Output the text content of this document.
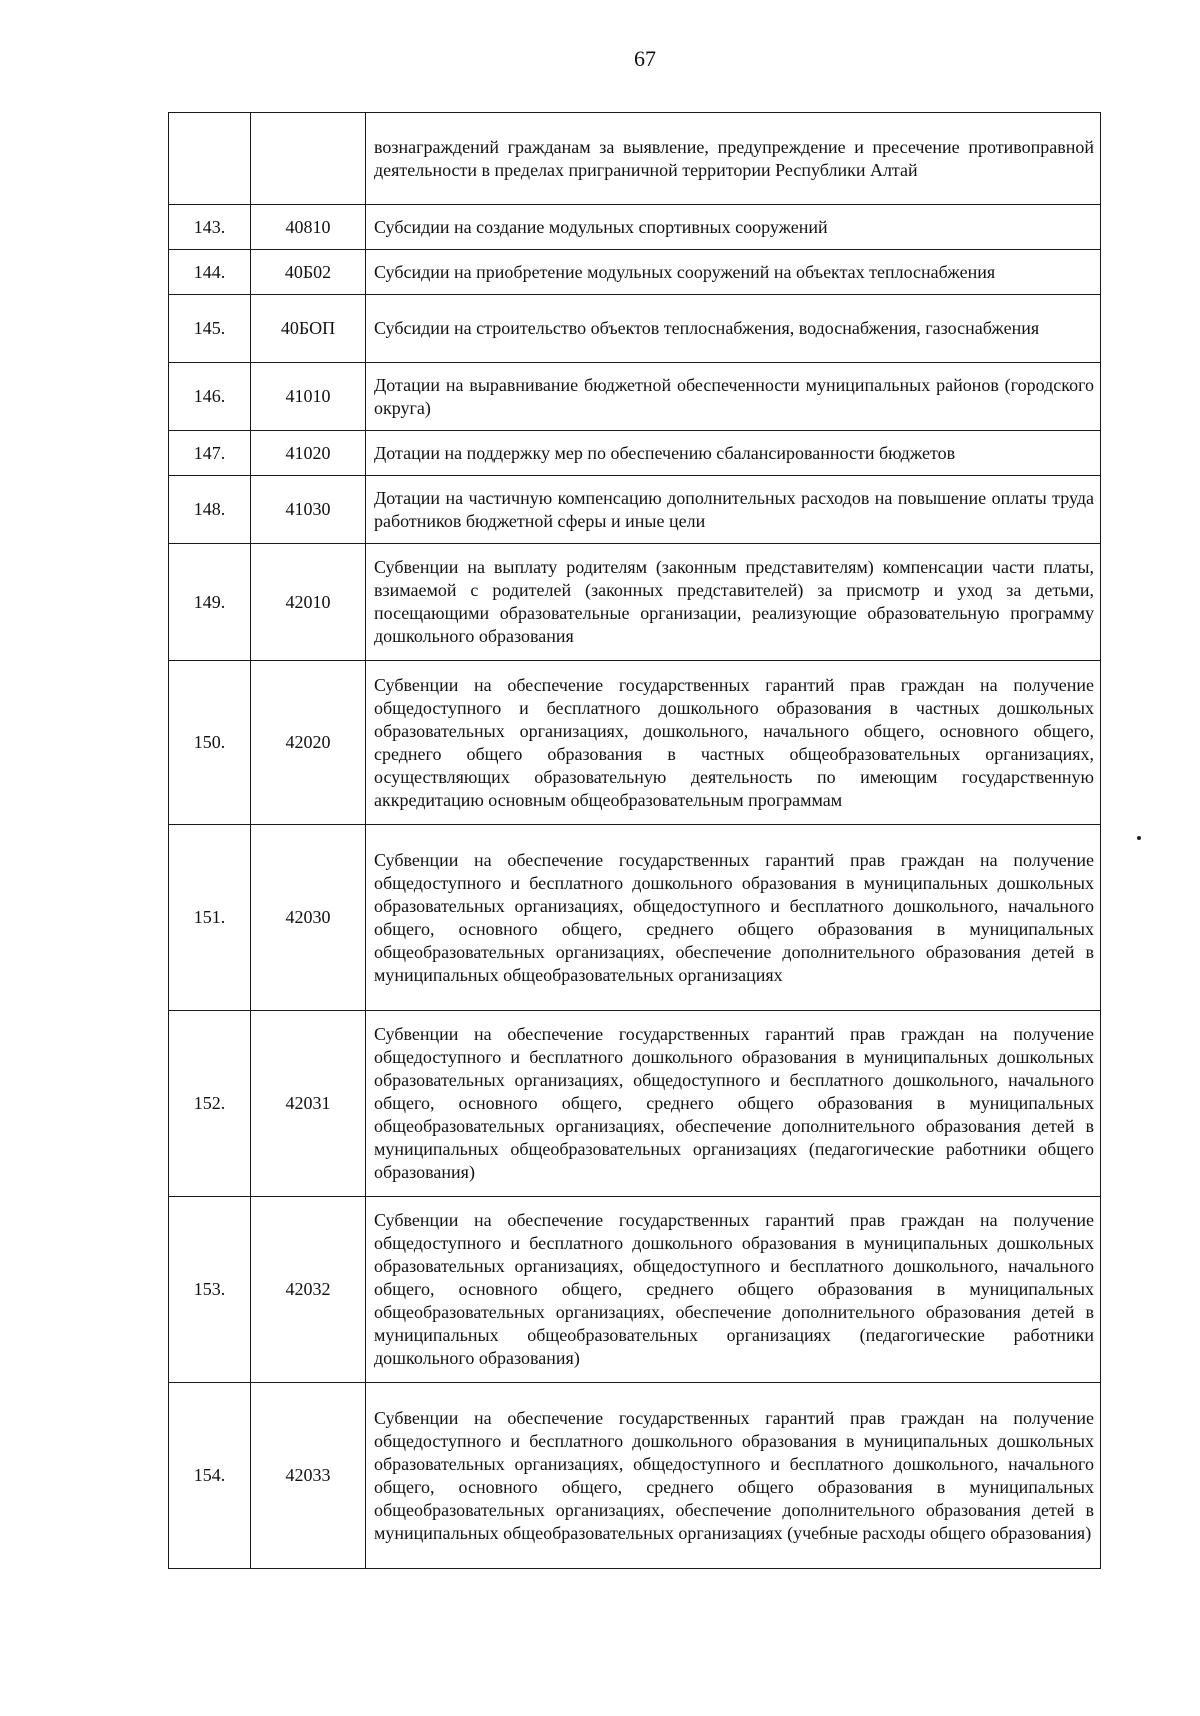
67
		вознаграждений гражданам за выявление, предупреждение и пресечение противоправной деятельности в пределах приграничной территории Республики Алтай
143.	40810	Субсидии на создание модульных спортивных сооружений
144.	40Б02	Субсидии на приобретение модульных сооружений на объектах теплоснабжения
145.	40БОП	Субсидии на строительство объектов теплоснабжения, водоснабжения, газоснабжения
146.	41010	Дотации на выравнивание бюджетной обеспеченности муниципальных районов (городского округа)
147.	41020	Дотации на поддержку мер по обеспечению сбалансированности бюджетов
148.	41030	Дотации на частичную компенсацию дополнительных расходов на повышение оплаты труда работников бюджетной сферы и иные цели
149.	42010	Субвенции на выплату родителям (законным представителям) компенсации части платы, взимаемой с родителей (законных представителей) за присмотр и уход за детьми, посещающими образовательные организации, реализующие образовательную программу дошкольного образования
150.	42020	Субвенции на обеспечение государственных гарантий прав граждан на получение общедоступного и бесплатного дошкольного образования в частных дошкольных образовательных организациях, дошкольного, начального общего, основного общего, среднего общего образования в частных общеобразовательных организациях, осуществляющих образовательную деятельность по имеющим государственную аккредитацию основным общеобразовательным программам
151.	42030	Субвенции на обеспечение государственных гарантий прав граждан на получение общедоступного и бесплатного дошкольного образования в муниципальных дошкольных образовательных организациях, общедоступного и бесплатного дошкольного, начального общего, основного общего, среднего общего образования в муниципальных общеобразовательных организациях, обеспечение дополнительного образования детей в муниципальных общеобразовательных организациях
152.	42031	Субвенции на обеспечение государственных гарантий прав граждан на получение общедоступного и бесплатного дошкольного образования в муниципальных дошкольных образовательных организациях, общедоступного и бесплатного дошкольного, начального общего, основного общего, среднего общего образования в муниципальных общеобразовательных организациях, обеспечение дополнительного образования детей в муниципальных общеобразовательных организациях (педагогические работники общего образования)
153.	42032	Субвенции на обеспечение государственных гарантий прав граждан на получение общедоступного и бесплатного дошкольного образования в муниципальных дошкольных образовательных организациях, общедоступного и бесплатного дошкольного, начального общего, основного общего, среднего общего образования в муниципальных общеобразовательных организациях, обеспечение дополнительного образования детей в муниципальных общеобразовательных организациях (педагогические работники дошкольного образования)
154.	42033	Субвенции на обеспечение государственных гарантий прав граждан на получение общедоступного и бесплатного дошкольного образования в муниципальных дошкольных образовательных организациях, общедоступного и бесплатного дошкольного, начального общего, основного общего, среднего общего образования в муниципальных общеобразовательных организациях, обеспечение дополнительного образования детей в муниципальных общеобразовательных организациях (учебные расходы общего образования)
